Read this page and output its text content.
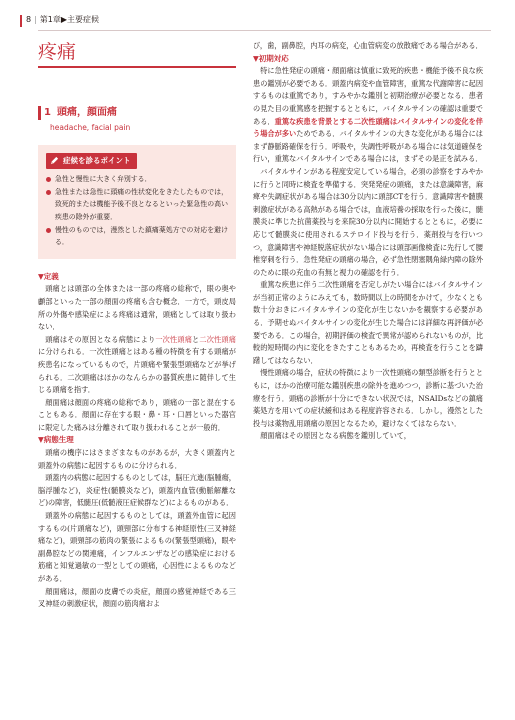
8 | 第1章▶主要症候
疼痛
1 頭痛，顔面痛
headache, facial pain
症候を診るポイント
急性と慢性に大きく弁別する．
急性または急性に頭痛の性状変化をきたしたものでは，致死的または機能予後不良となるといった緊急性の高い疾患の除外が重要．
慢性のものでは，漫然とした鎮痛薬処方での対応を避ける．
▼定義

頭痛とは頭部の全体または一部の疼痛の総称で，眼の奥や顱部といった一部の顔面の疼痛も含む概念．一方で，頭皮局所の外傷や感染症による疼痛は通常，頭痛としては取り扱わない．

頭痛はその原因となる病態により一次性頭痛と二次性頭痛に分けられる．一次性頭痛とはある種の特徴を有する頭痛が疾患名になっているもので，片頭痛や緊張型頭痛などが挙げられる．二次頭痛はほかのなんらかの器質疾患に随伴して生じる頭痛を指す．

顔面痛は顔面の疼痛の総称であり，頭痛の一部と混在することもある．顔面に存在する眼・鼻・耳・口唇といった器官に限定した痛みは分離されて取り扱われることが一般的．

▼病態生理

頭痛の機序にはさまざまなものがあるが，大きく頭蓋内と頭蓋外の病態に起因するものに分けられる．

頭蓋内の病態に起因するものとしては，脳圧亢進(脳腫瘍，脳浮腫など)，炎症性(髄膜炎など)，頭蓋内血管(動脈解離など)の障害，低髄圧(低髄液圧症候群など)によるものがある．

頭蓋外の病態に起因するものとしては，頭蓋外血管に起因するもの(片頭痛など)，頭頸部に分布する神経原性(三叉神経痛など)，頭頸部の筋肉の緊張によるもの(緊張型頭痛)，眼や副鼻腔などの関連痛，インフルエンザなどの感染症における筋痛と知覚過敏の一型としての頭痛，心因性によるものなどがある．

顔面痛は，顔面の皮膚での炎症，顔面の感覚神経である三叉神経の刺激症状，顔面の筋肉痛およ

び，歯，副鼻腔，内耳の病変，心血管病変の放散痛である場合がある．

▼初期対応

特に急性発症の頭痛・顔面痛は慎重に致死的疾患・機能予後不良な疾患の鑑別が必要である．頭蓋内病変や血管障害，重篤な代謝障害に起因するものは重篤であり，すみやかな鑑別と初期治療が必要となる．患者の見た目の重篤感を把握するとともに，バイタルサインの確認は重要である．重篤な疾患を背景とする二次性頭痛はバイタルサインの変化を伴う場合が多いためである．バイタルサインの大きな変化がある場合にはまず静脈路確保を行う．呼吸や，失調性呼吸がある場合には気道確保を行い，重篤なバイタルサインである場合には，まずその是正を試みる．

バイタルサインがある程度安定している場合，必須の診察をすみやかに行うと同時に検査を準備する．突発発症の頭痛，または意識障害，麻痺や失調症状がある場合は30分以内に頭部CTを行う．意識障害や髄膜刺激症状がある高熱がある場合では，血液培養の採取を行った後に，髄膜炎に準じた抗菌薬投与を来院30分以内に開始するとともに，必要に応じて髄膜炎に使用されるステロイド投与を行う．薬剤投与を行いつつ，意識障害や神経脱落症状がない場合には頭部画像検査に先行して腰椎穿刺を行う．急性発症の頭痛の場合，必ず急性閉塞隅角緑内障の除外のために眼の充血の有無と視力の確認を行う．

重篤な疾患に伴う二次性頭痛を否定しがたい場合にはバイタルサインが当初正常のようにみえても，数時間以上の時間をかけて，少なくとも数十分おきにバイタルサインの変化が生じないかを観察する必要がある．予期せぬバイタルサインの変化が生じた場合には詳細な再評価が必要である．この場合，初期評価の検査で異常が認められないものが，比較的短時間の内に変化をきたすこともあるため，再検査を行うことを躊躇してはならない．

慢性頭痛の場合，症状の特徴により一次性頭痛の類型診断を行うとともに，ほかの治療可能な鑑別疾患の除外を進めつつ，診断に基づいた治療を行う．頭痛の診断が十分にできない状況では，NSAIDsなどの鎮痛薬処方を用いての症状緩和はある程度許容される．しかし，漫然とした投与は薬物乱用頭痛の原因となるため，避けなくてはならない．

顔面痛はその原因となる病態を鑑別していて，
